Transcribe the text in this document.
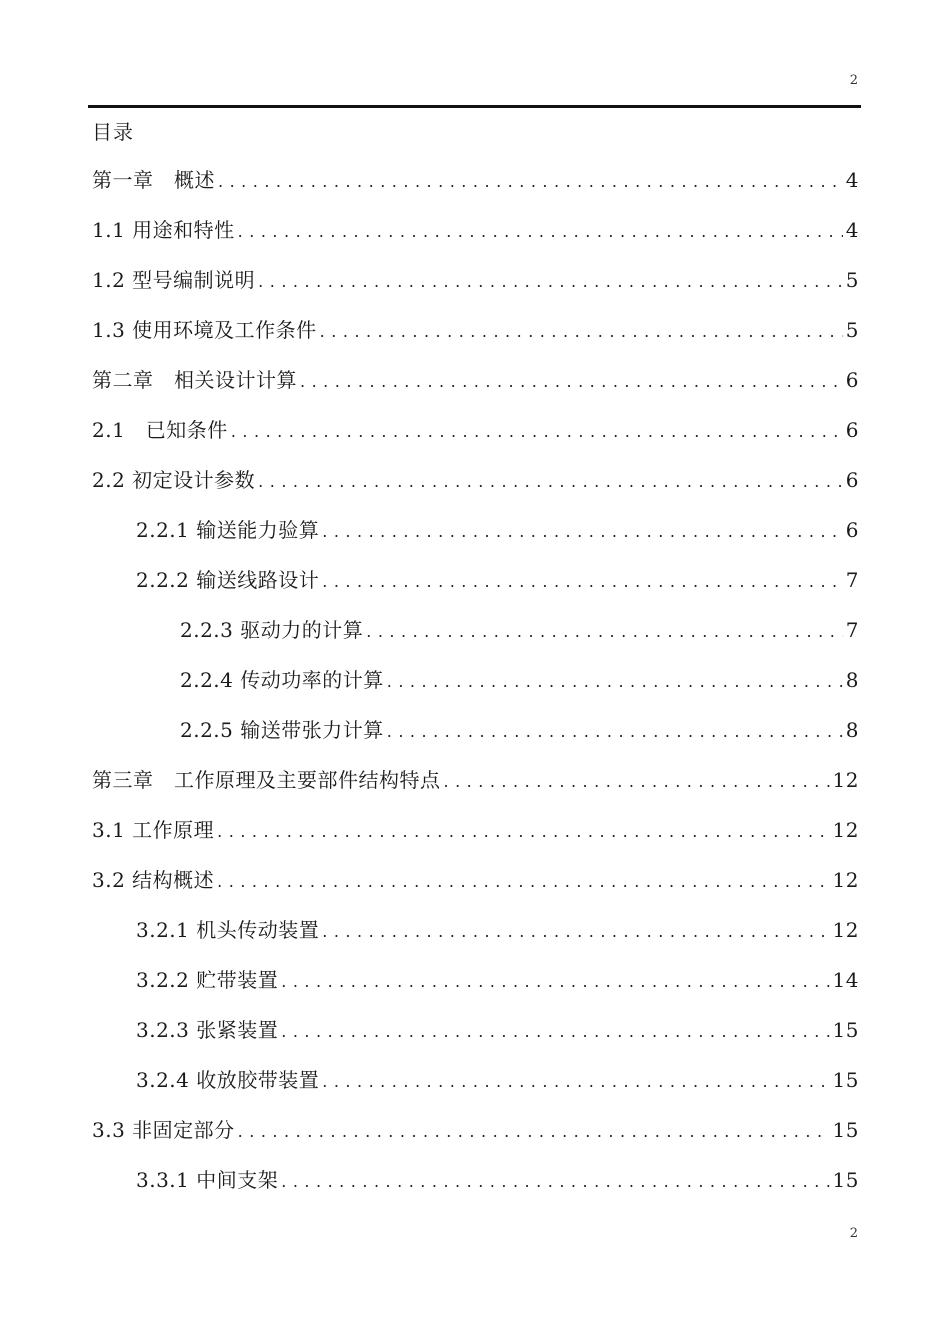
2
目录
第一章　概述 .....	4
1.1 用途和特性 .....	4
1.2 型号编制说明 .....	5
1.3 使用环境及工作条件 .....	5
第二章　相关设计计算 .....	6
2.1　已知条件 .....	6
2.2 初定设计参数 .....	6
2.2.1 输送能力验算 .....	6
2.2.2 输送线路设计 .....	7
2.2.3 驱动力的计算 .....	7
2.2.4 传动功率的计算 .....	8
2.2.5 输送带张力计算 .....	8
第三章　工作原理及主要部件结构特点 .....	12
3.1 工作原理 .....	12
3.2 结构概述 .....	12
3.2.1 机头传动装置 .....	12
3.2.2 贮带装置 .....	14
3.2.3 张紧装置 .....	15
3.2.4 收放胶带装置 .....	15
3.3 非固定部分 .....	15
3.3.1 中间支架 .....	15
2
